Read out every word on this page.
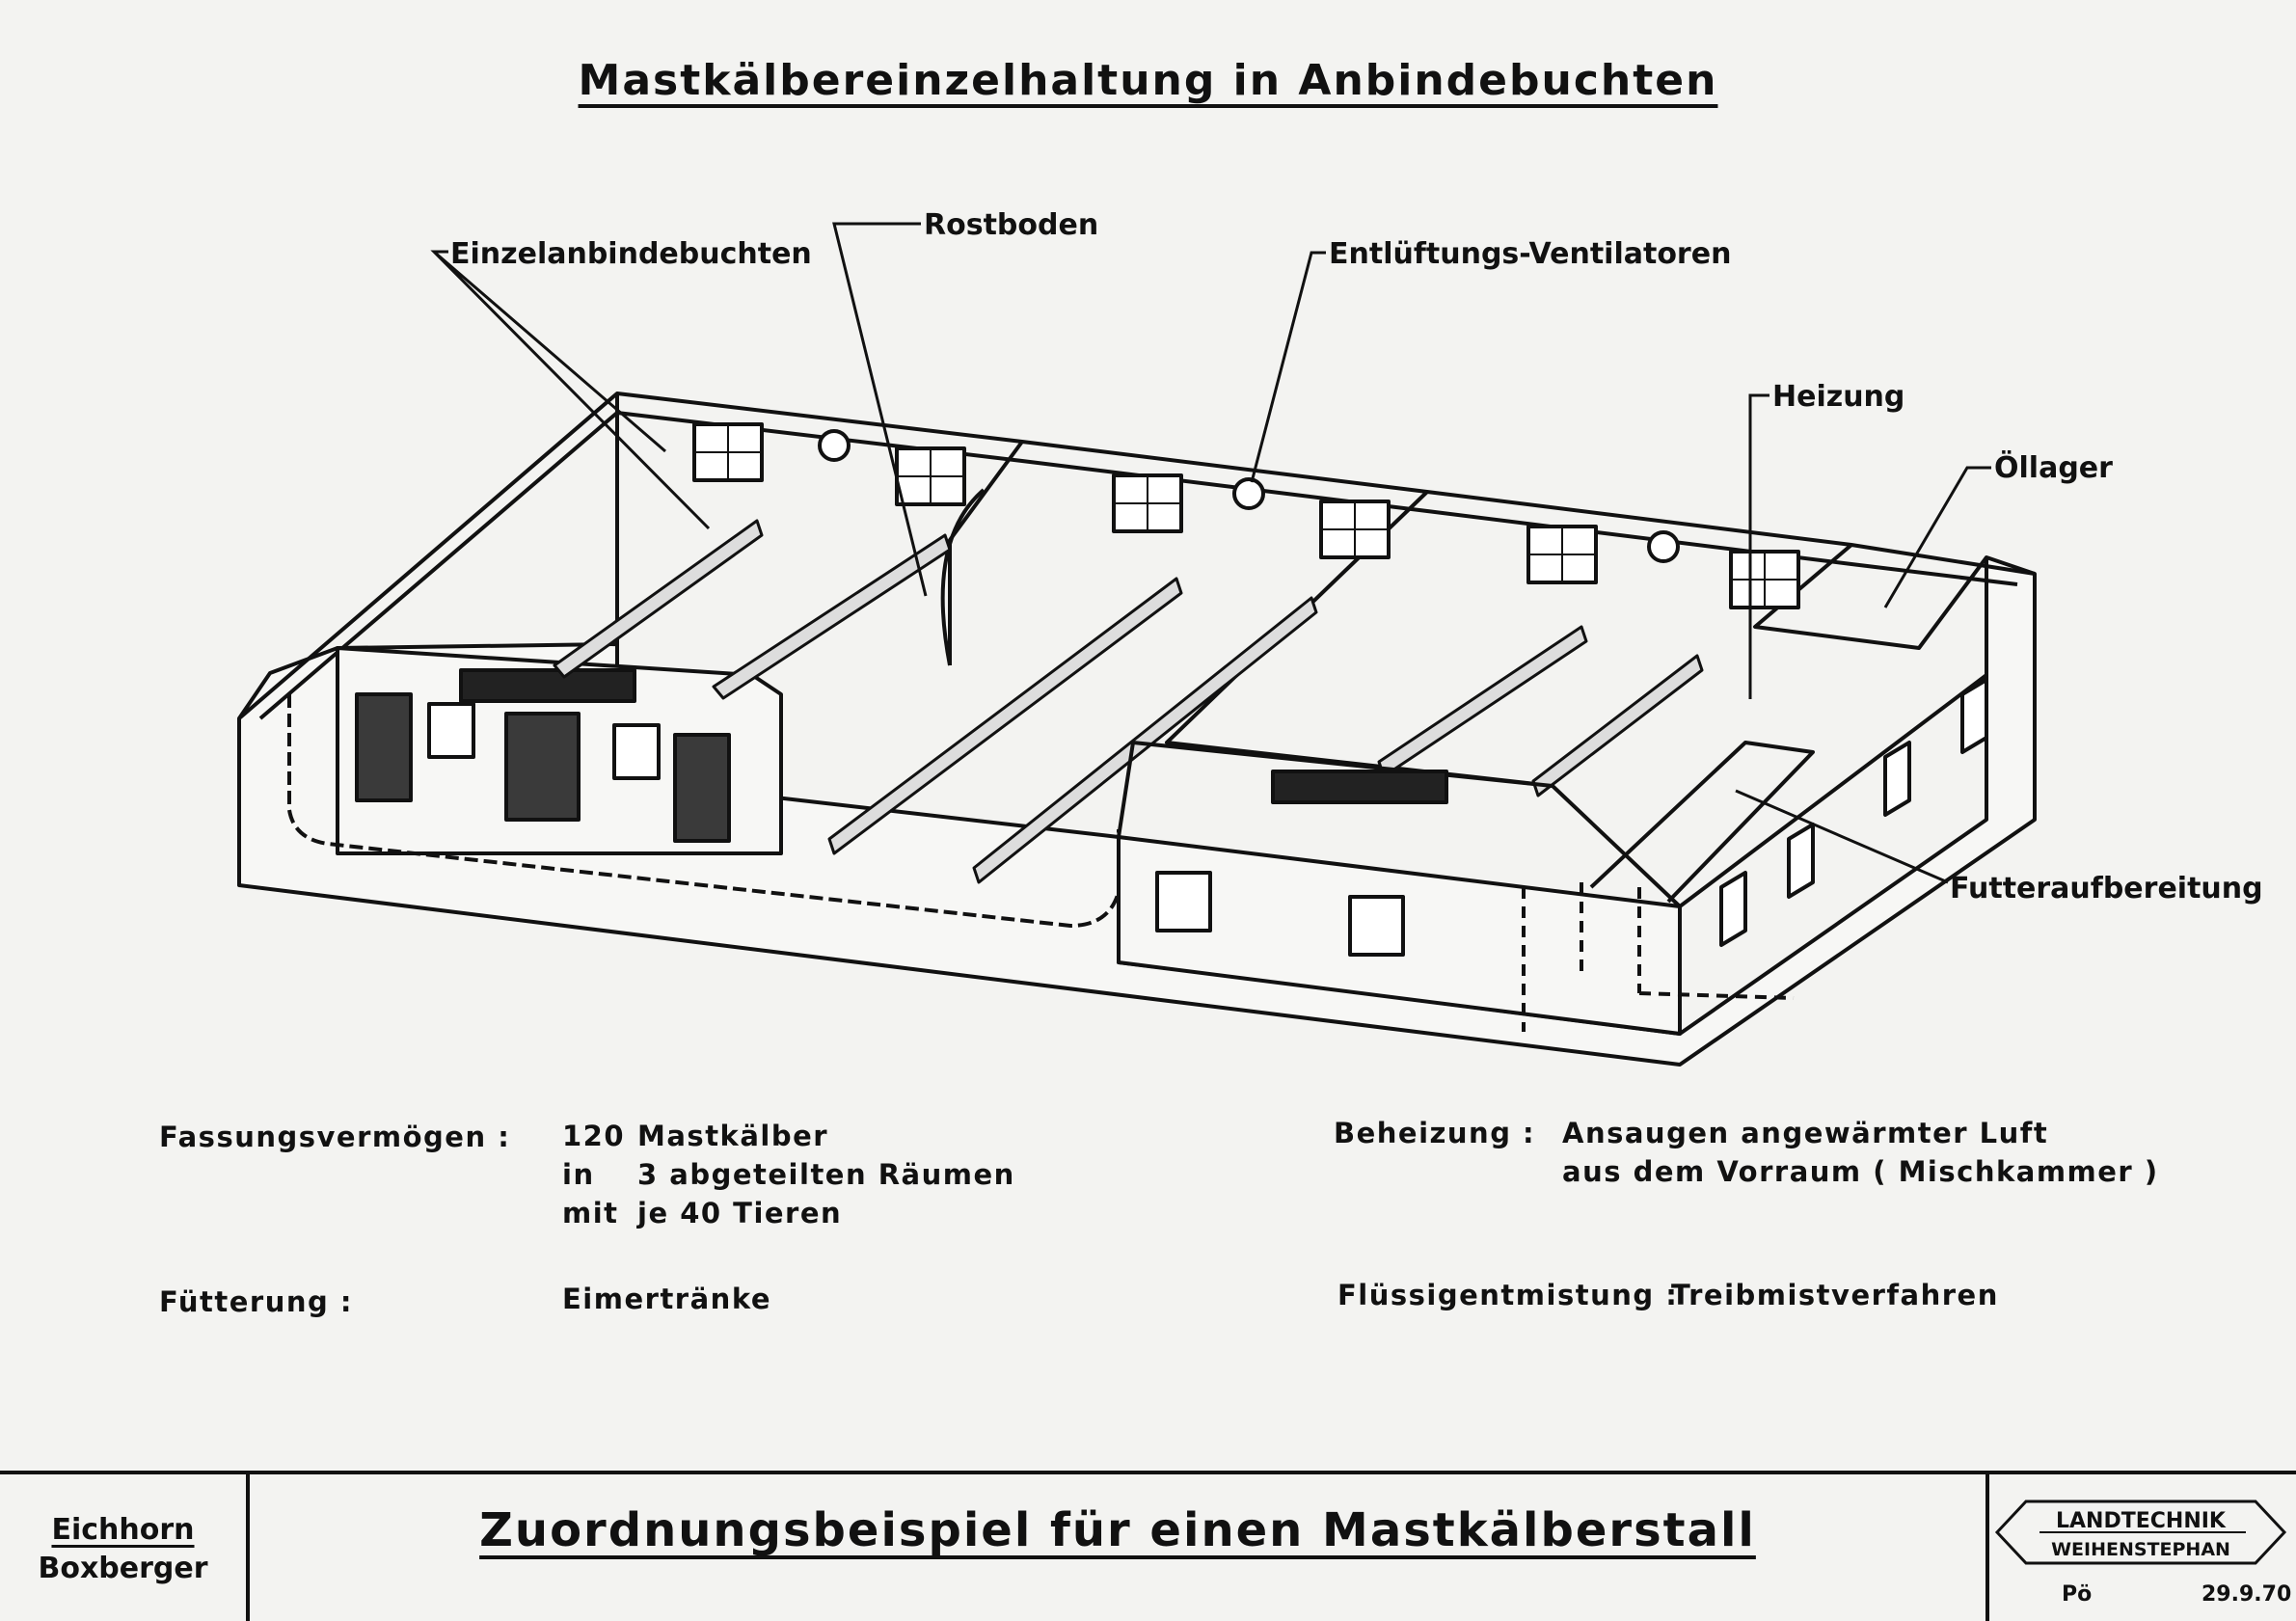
Mastkälbereinzelhaltung in Anbindebuchten
Einzelanbindebuchten
Rostboden
Entlüftungs-Ventilatoren
Heizung
Öllager
Futteraufbereitung
Fassungsvermögen : 120 Mastkälber
in 3 abgeteilten Räumen
mit je 40 Tieren
Fütterung :	Eimertränke
Beheizung : Ansaugen angewärmter Luft
aus dem Vorraum ( Mischkammer )
Flüssigentmistung :
Treibmistverfahren
Eichhorn
Boxberger
Zuordnungsbeispiel für einen Mastkälberstall	LANDTECHNIK
WEIHENSTEPHAN
Pö	29.9.70
